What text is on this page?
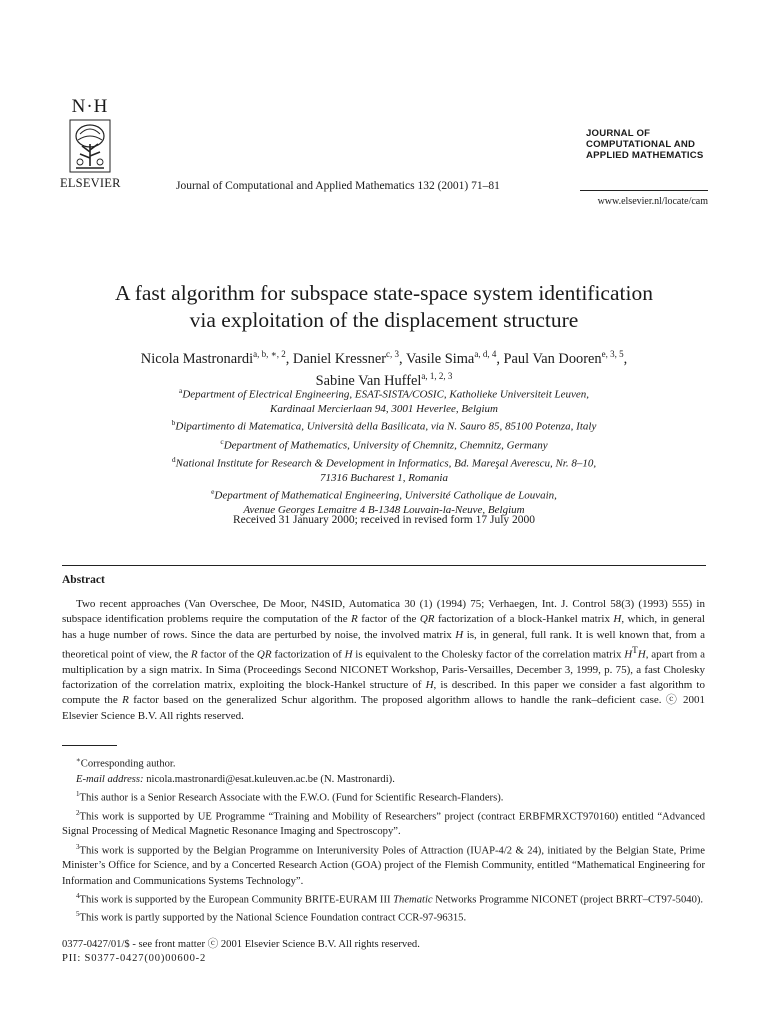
N·H
ELSEVIER	Journal of Computational and Applied Mathematics 132 (2001) 71–81
JOURNAL OF
COMPUTATIONAL AND
APPLIED MATHEMATICS
www.elsevier.nl/locate/cam
A fast algorithm for subspace state-space system identification
via exploitation of the displacement structure
Nicola Mastronardi$^{a, b, ∗, 2}$, Daniel Kressner$^{c, 3}$, Vasile Sima$^{a, d, 4}$, Paul Van Dooren$^{e, 3, 5}$,
Sabine Van Huffel$^{a, 1, 2, 3}$
$^a$Department of Electrical Engineering, ESAT-SISTA/COSIC, Katholieke Universiteit Leuven,
Kardinaal Mercierlaan 94, 3001 Heverlee, Belgium
$^b$Dipartimento di Matematica, Università della Basilicata, via N. Sauro 85, 85100 Potenza, Italy
$^c$Department of Mathematics, University of Chemnitz, Chemnitz, Germany
$^d$National Institute for Research & Development in Informatics, Bd. Mareşal Averescu, Nr. 8–10,
71316 Bucharest 1, Romania
$^e$Department of Mathematical Engineering, Université Catholique de Louvain,
Avenue Georges Lemaitre 4 B-1348 Louvain-la-Neuve, Belgium
Received 31 January 2000; received in revised form 17 July 2000
Abstract
Two recent approaches (Van Overschee, De Moor, N4SID, Automatica 30 (1) (1994) 75; Verhaegen, Int. J. Control 58(3) (1993) 555) in subspace identification problems require the computation of the R factor of the QR factorization of a block-Hankel matrix H, which, in general has a huge number of rows. Since the data are perturbed by noise, the involved matrix H is, in general, full rank. It is well known that, from a theoretical point of view, the R factor of the QR factorization of H is equivalent to the Cholesky factor of the correlation matrix $H^TH$, apart from a multiplication by a sign matrix. In Sima (Proceedings Second NICONET Workshop, Paris-Versailles, December 3, 1999, p. 75), a fast Cholesky factorization of the correlation matrix, exploiting the block-Hankel structure of H, is described. In this paper we consider a fast algorithm to compute the R factor based on the generalized Schur algorithm. The proposed algorithm allows to handle the rank–deficient case. ⓒ 2001 Elsevier Science B.V. All rights reserved.

∗Corresponding author.

E-mail address: nicola.mastronardi@esat.kuleuven.ac.be (N. Mastronardi).

$^1$This author is a Senior Research Associate with the F.W.O. (Fund for Scientific Research-Flanders).

$^2$This work is supported by UE Programme “Training and Mobility of Researchers” project (contract ERBFMRXCT970160) entitled “Advanced Signal Processing of Medical Magnetic Resonance Imaging and Spectroscopy”.

$^3$This work is supported by the Belgian Programme on Interuniversity Poles of Attraction (IUAP-4/2 & 24), initiated by the Belgian State, Prime Minister’s Office for Science, and by a Concerted Research Action (GOA) project of the Flemish Community, entitled “Mathematical Engineering for Information and Communications Systems Technology”.

$^4$This work is supported by the European Community BRITE-EURAM III Thematic Networks Programme NICONET (project BRRT–CT97-5040).

$^5$This work is partly supported by the National Science Foundation contract CCR-97-96315.

0377-0427/01/$ - see front matter ⓒ 2001 Elsevier Science B.V. All rights reserved.
PII: S0377-0427(00)00600-2
